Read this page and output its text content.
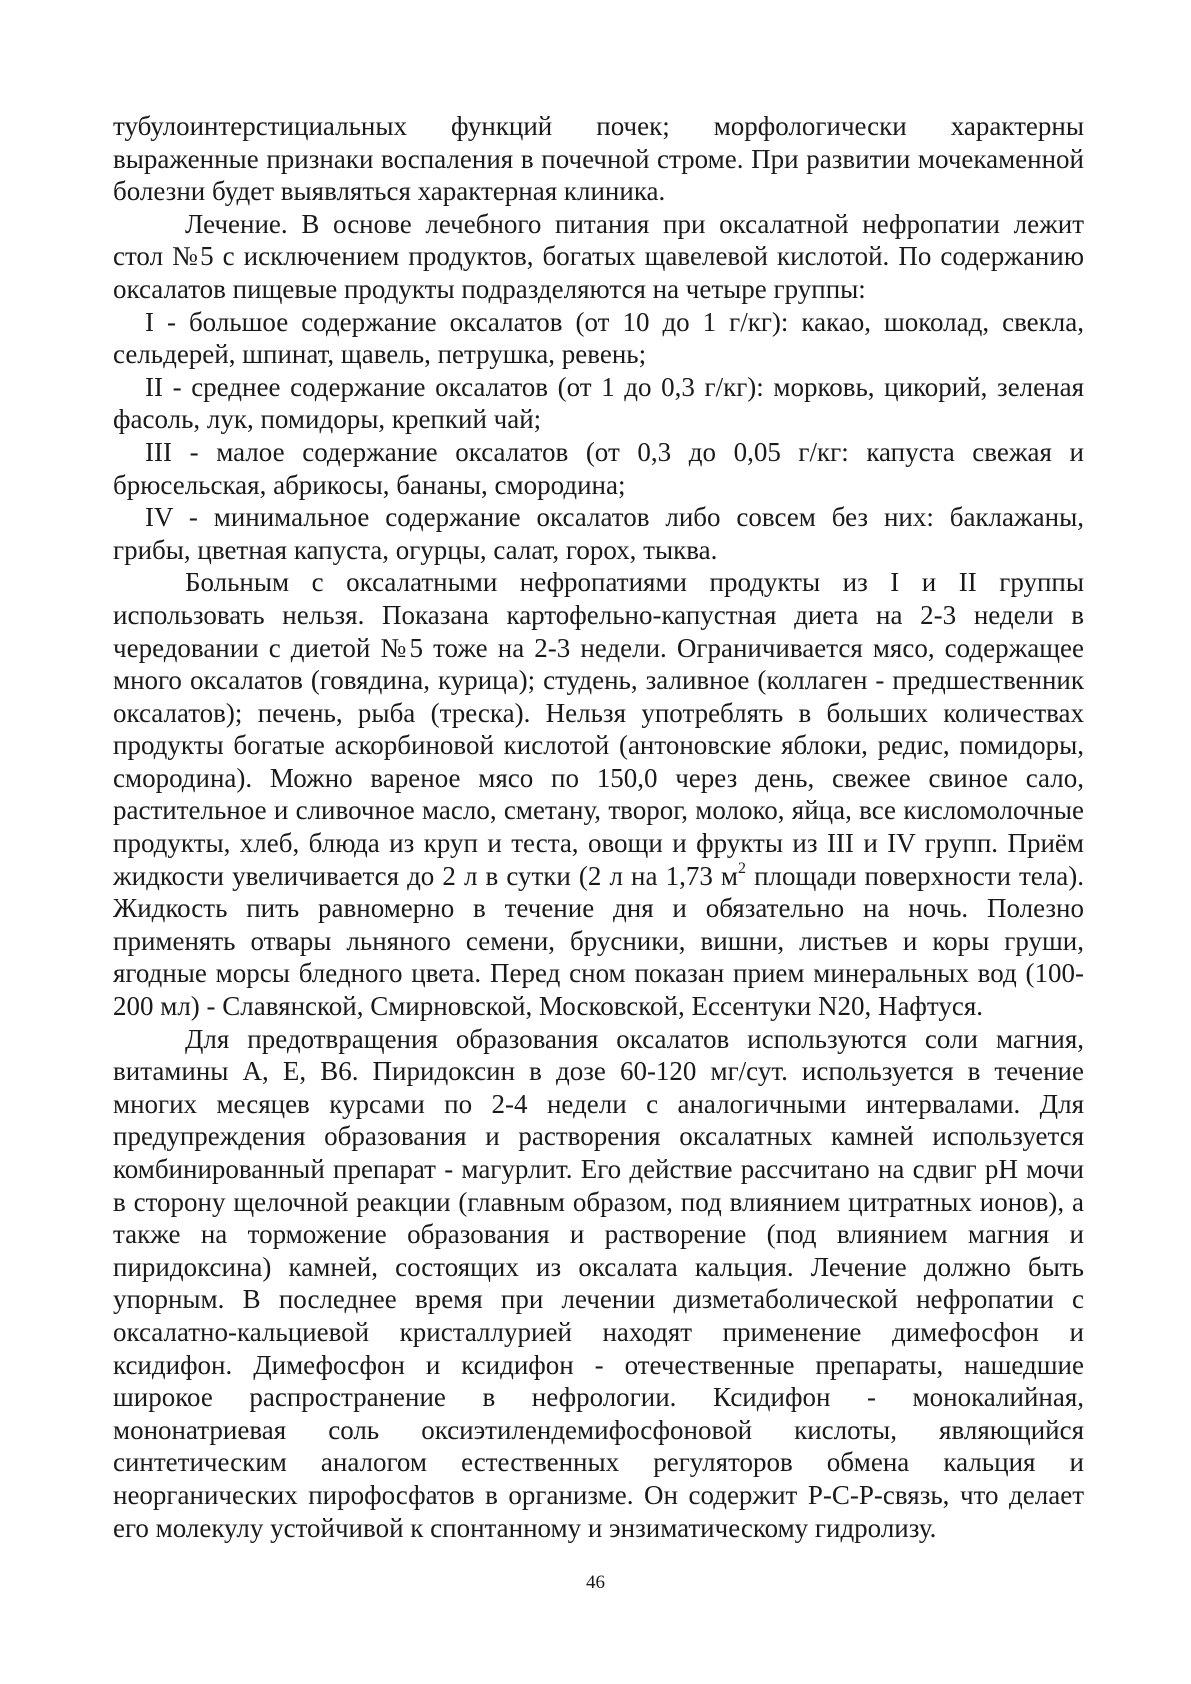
тубулоинтерстициальных функций почек; морфологически характерны выраженные признаки воспаления в почечной строме. При развитии мочекаменной болезни будет выявляться характерная клиника.

Лечение. В основе лечебного питания при оксалатной нефропатии лежит стол №5 с исключением продуктов, богатых щавелевой кислотой. По содержанию оксалатов пищевые продукты подразделяются на четыре группы:

I - большое содержание оксалатов (от 10 до 1 г/кг): какао, шоколад, свекла, сельдерей, шпинат, щавель, петрушка, ревень;

II - среднее содержание оксалатов (от 1 до 0,3 г/кг): морковь, цикорий, зеленая фасоль, лук, помидоры, крепкий чай;

III - малое содержание оксалатов (от 0,3 до 0,05 г/кг: капуста свежая и брюсельская, абрикосы, бананы, смородина;

IV - минимальное содержание оксалатов либо совсем без них: баклажаны, грибы, цветная капуста, огурцы, салат, горох, тыква.

Больным с оксалатными нефропатиями продукты из I и II группы использовать нельзя. Показана картофельно-капустная диета на 2-3 недели в чередовании с диетой №5 тоже на 2-3 недели. Ограничивается мясо, содержащее много оксалатов (говядина, курица); студень, заливное (коллаген - предшественник оксалатов); печень, рыба (треска). Нельзя употреблять в больших количествах продукты богатые аскорбиновой кислотой (антоновские яблоки, редис, помидоры, смородина). Можно вареное мясо по 150,0 через день, свежее свиное сало, растительное и сливочное масло, сметану, творог, молоко, яйца, все кисломолочные продукты, хлеб, блюда из круп и теста, овощи и фрукты из III и IV групп. Приём жидкости увеличивается до 2 л в сутки (2 л на 1,73 $м^2$ площади поверхности тела). Жидкость пить равномерно в течение дня и обязательно на ночь. Полезно применять отвары льняного семени, брусники, вишни, листьев и коры груши, ягодные морсы бледного цвета. Перед сном показан прием минеральных вод (100-200 мл) - Славянской, Смирновской, Московской, Ессентуки N20, Нафтуся.

Для предотвращения образования оксалатов используются соли магния, витамины А, Е, В6. Пиридоксин в дозе 60-120 мг/сут. используется в течение многих месяцев курсами по 2-4 недели с аналогичными интервалами. Для предупреждения образования и растворения оксалатных камней используется комбинированный препарат - магурлит. Его действие рассчитано на сдвиг рН мочи в сторону щелочной реакции (главным образом, под влиянием цитратных ионов), а также на торможение образования и растворение (под влиянием магния и пиридоксина) камней, состоящих из оксалата кальция. Лечение должно быть упорным. В последнее время при лечении дизметаболической нефропатии с оксалатно-кальциевой кристаллурией находят применение димефосфон и ксидифон. Димефосфон и ксидифон - отечественные препараты, нашедшие широкое распространение в нефрологии. Ксидифон - монокалийная, мононатриевая соль оксиэтилендемифосфоновой кислоты, являющийся синтетическим аналогом естественных регуляторов обмена кальция и неорганических пирофосфатов в организме. Он содержит Р-С-Р-связь, что делает его молекулу устойчивой к спонтанному и энзиматическому гидролизу.

46
